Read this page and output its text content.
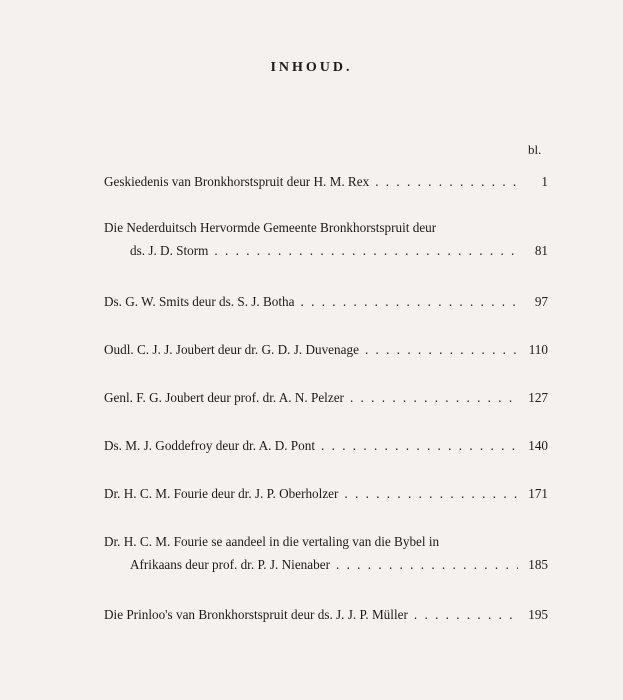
INHOUD.
bl.
Geskiedenis van Bronkhorstspruit deur H. M. Rex . . .	1
Die Nederduitsch Hervormde Gemeente Bronkhorstspruit deur
ds. J. D. Storm . . .	81
Ds. G. W. Smits deur ds. S. J. Botha . . .	97
Oudl. C. J. J. Joubert deur dr. G. D. J. Duvenage . . .	110
Genl. F. G. Joubert deur prof. dr. A. N. Pelzer . . .	127
Ds. M. J. Goddefroy deur dr. A. D. Pont . . .	140
Dr. H. C. M. Fourie deur dr. J. P. Oberholzer . . .	171
Dr. H. C. M. Fourie se aandeel in die vertaling van die Bybel in
Afrikaans deur prof. dr. P. J. Nienaber . . .	185
Die Prinloo's van Bronkhorstspruit deur ds. J. J. P. Müller . . .	195
